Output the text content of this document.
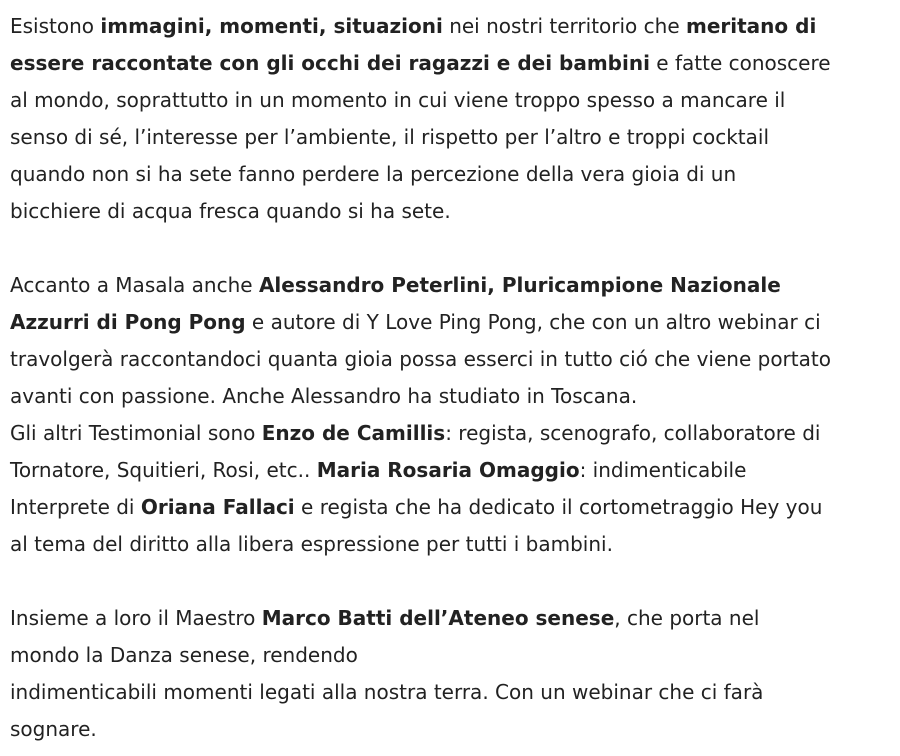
Esistono immagini, momenti, situazioni nei nostri territorio che meritano di
essere raccontate con gli occhi dei ragazzi e dei bambini e fatte conoscere
al mondo, soprattutto in un momento in cui viene troppo spesso a mancare il
senso di sé, l’interesse per l’ambiente, il rispetto per l’altro e troppi cocktail
quando non si ha sete fanno perdere la percezione della vera gioia di un
bicchiere di acqua fresca quando si ha sete.

Accanto a Masala anche Alessandro Peterlini, Pluricampione Nazionale
Azzurri di Pong Pong e autore di Y Love Ping Pong, che con un altro webinar ci
travolgerà raccontandoci quanta gioia possa esserci in tutto ció che viene portato
avanti con passione. Anche Alessandro ha studiato in Toscana.

Gli altri Testimonial sono Enzo de Camillis: regista, scenografo, collaboratore di
Tornatore, Squitieri, Rosi, etc.. Maria Rosaria Omaggio: indimenticabile
Interprete di Oriana Fallaci e regista che ha dedicato il cortometraggio Hey you
al tema del diritto alla libera espressione per tutti i bambini.

Insieme a loro il Maestro Marco Batti dell’Ateneo senese, che porta nel
mondo la Danza senese, rendendo
indimenticabili momenti legati alla nostra terra. Con un webinar che ci farà
sognare.
